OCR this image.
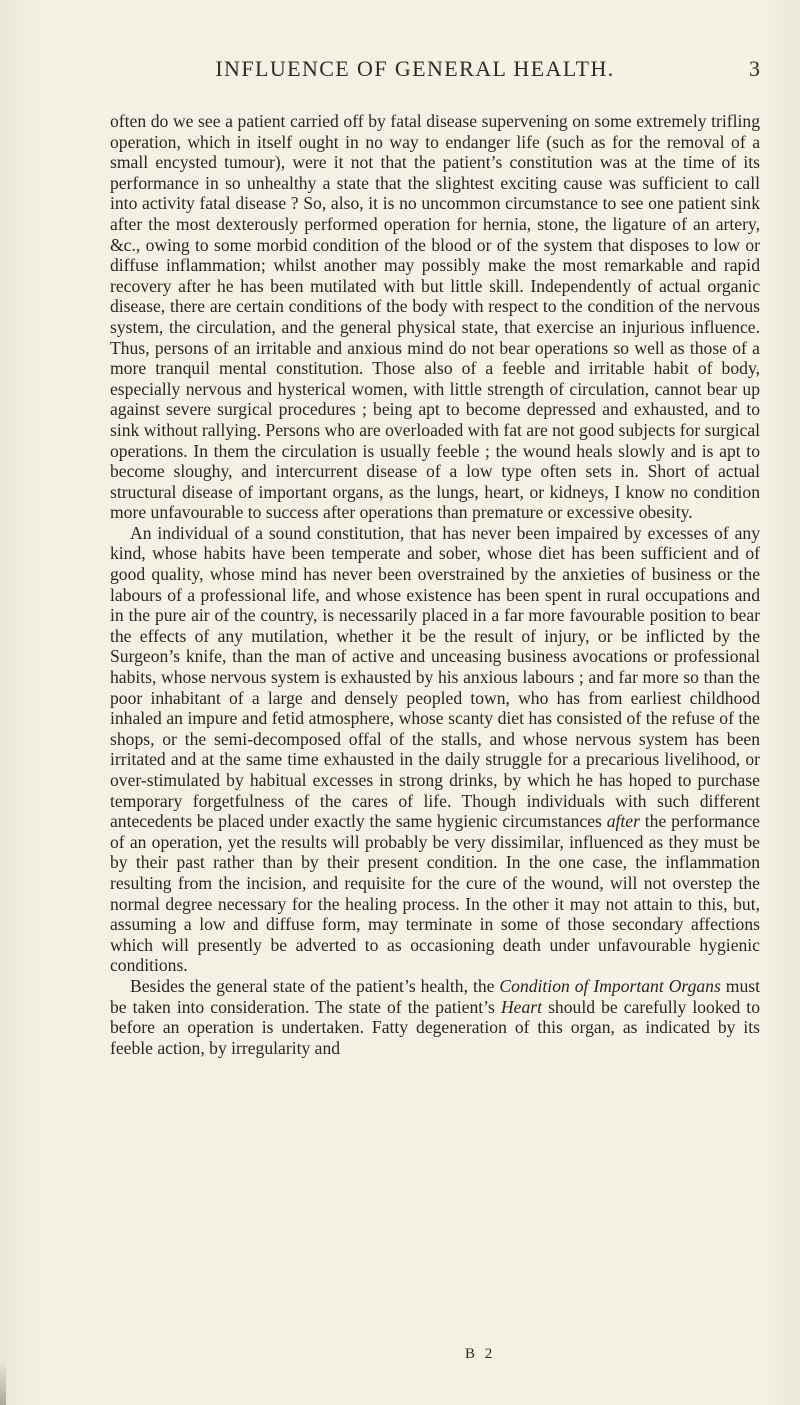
INFLUENCE OF GENERAL HEALTH.	3

often do we see a patient carried off by fatal disease supervening on some extremely trifling operation, which in itself ought in no way to endanger life (such as for the removal of a small encysted tumour), were it not that the patient’s constitution was at the time of its performance in so unhealthy a state that the slightest exciting cause was sufficient to call into activity fatal disease ? So, also, it is no uncommon circumstance to see one patient sink after the most dexterously performed operation for hernia, stone, the ligature of an artery, &c., owing to some morbid condition of the blood or of the system that disposes to low or diffuse inflammation; whilst another may possibly make the most remarkable and rapid recovery after he has been mutilated with but little skill. Independently of actual organic disease, there are certain conditions of the body with respect to the condition of the nervous system, the circulation, and the general physical state, that exercise an injurious influence. Thus, persons of an irritable and anxious mind do not bear operations so well as those of a more tranquil mental constitution. Those also of a feeble and irritable habit of body, especially nervous and hysterical women, with little strength of circulation, cannot bear up against severe surgical procedures ; being apt to become depressed and exhausted, and to sink without rallying. Persons who are overloaded with fat are not good subjects for surgical operations. In them the circulation is usually feeble ; the wound heals slowly and is apt to become sloughy, and intercurrent disease of a low type often sets in. Short of actual structural disease of important organs, as the lungs, heart, or kidneys, I know no condition more unfavourable to success after operations than premature or excessive obesity.

An individual of a sound constitution, that has never been impaired by excesses of any kind, whose habits have been temperate and sober, whose diet has been sufficient and of good quality, whose mind has never been overstrained by the anxieties of business or the labours of a professional life, and whose existence has been spent in rural occupations and in the pure air of the country, is necessarily placed in a far more favourable position to bear the effects of any mutilation, whether it be the result of injury, or be inflicted by the Surgeon’s knife, than the man of active and unceasing business avocations or professional habits, whose nervous system is exhausted by his anxious labours ; and far more so than the poor inhabitant of a large and densely peopled town, who has from earliest childhood inhaled an impure and fetid atmosphere, whose scanty diet has consisted of the refuse of the shops, or the semi-decomposed offal of the stalls, and whose nervous system has been irritated and at the same time exhausted in the daily struggle for a precarious livelihood, or over-stimulated by habitual excesses in strong drinks, by which he has hoped to purchase temporary forgetfulness of the cares of life. Though individuals with such different antecedents be placed under exactly the same hygienic circumstances after the performance of an operation, yet the results will probably be very dissimilar, influenced as they must be by their past rather than by their present condition. In the one case, the inflammation resulting from the incision, and requisite for the cure of the wound, will not overstep the normal degree necessary for the healing process. In the other it may not attain to this, but, assuming a low and diffuse form, may terminate in some of those secondary affections which will presently be adverted to as occasioning death under unfavourable hygienic conditions.

Besides the general state of the patient’s health, the Condition of Important Organs must be taken into consideration. The state of the patient’s Heart should be carefully looked to before an operation is undertaken. Fatty degeneration of this organ, as indicated by its feeble action, by irregularity and

B 2
